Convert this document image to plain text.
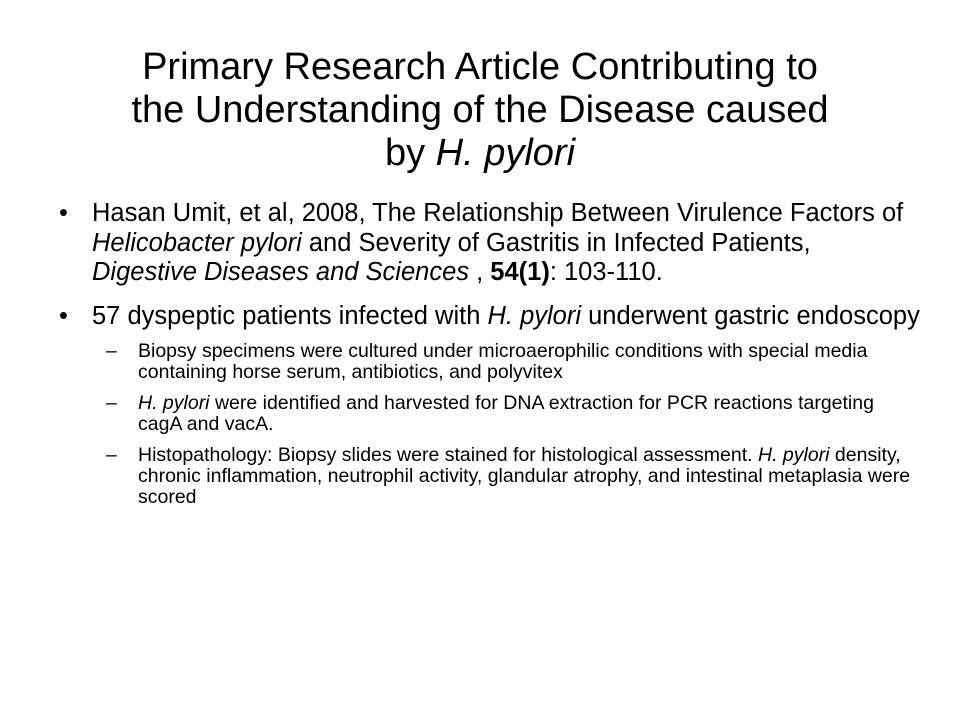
Primary Research Article Contributing to
the Understanding of the Disease caused
by H. pylori
• Hasan Umit, et al, 2008, The Relationship Between Virulence Factors of Helicobacter pylori and Severity of Gastritis in Infected Patients, Digestive Diseases and Sciences , 54(1): 103-110.
• 57 dyspeptic patients infected with H. pylori underwent gastric endoscopy
– Biopsy specimens were cultured under microaerophilic conditions with special media containing horse serum, antibiotics, and polyvitex
– H. pylori were identified and harvested for DNA extraction for PCR reactions targeting cagA and vacA.
– Histopathology: Biopsy slides were stained for histological assessment. H. pylori density, chronic inflammation, neutrophil activity, glandular atrophy, and intestinal metaplasia were scored
